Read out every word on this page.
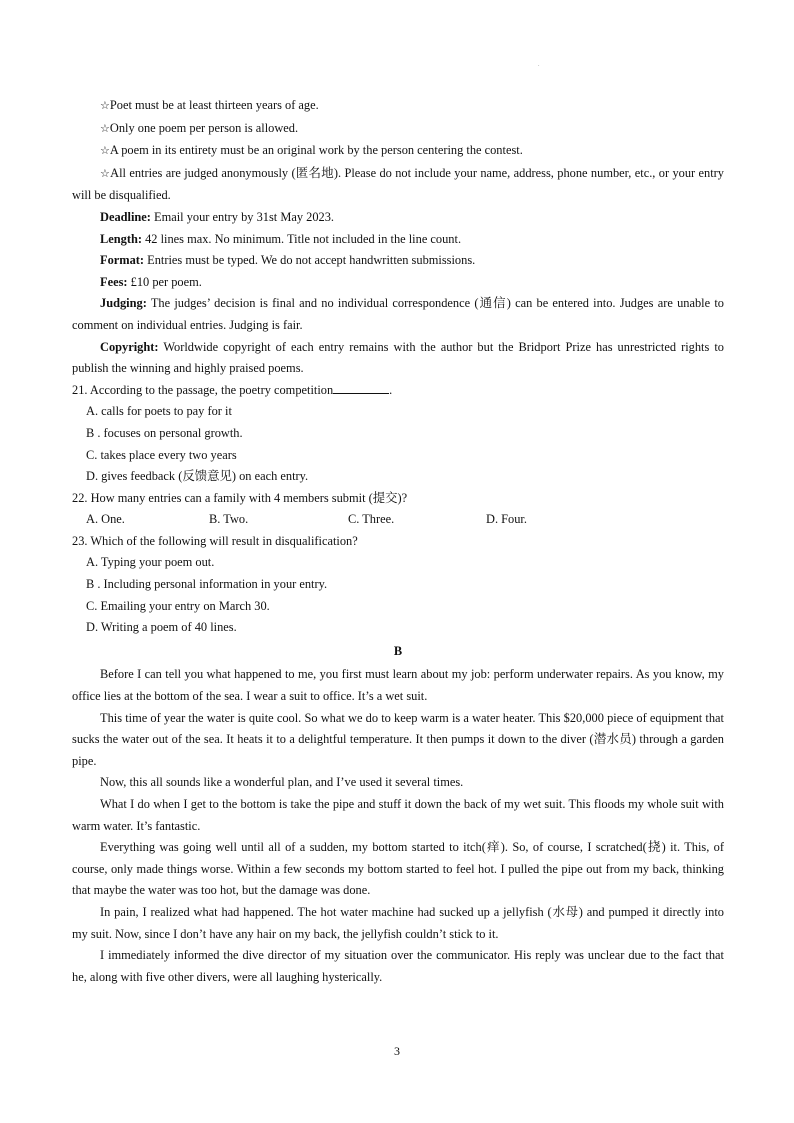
.

☆Poet must be at least thirteen years of age.

☆Only one poem per person is allowed.

☆A poem in its entirety must be an original work by the person centering the contest.

☆All entries are judged anonymously (匿名地). Please do not include your name, address, phone number, etc., or your entry will be disqualified.

Deadline: Email your entry by 31st May 2023.

Length: 42 lines max. No minimum. Title not included in the line count.

Format: Entries must be typed. We do not accept handwritten submissions.

Fees: £10 per poem.

Judging: The judges’ decision is final and no individual correspondence (通信) can be entered into. Judges are unable to comment on individual entries. Judging is fair.

Copyright: Worldwide copyright of each entry remains with the author but the Bridport Prize has unrestricted rights to publish the winning and highly praised poems.

21. According to the passage, the poetry competition	.

A. calls for poets to pay for it

B . focuses on personal growth.

C. takes place every two years

D. gives feedback (反馈意见) on each entry.

22. How many entries can a family with 4 members submit (提交)?

A. One.	B. Two.	C. Three.	D. Four.

23. Which of the following will result in disqualification?

A. Typing your poem out.

B . Including personal information in your entry.

C. Emailing your entry on March 30.

D. Writing a poem of 40 lines.

B

Before I can tell you what happened to me, you first must learn about my job: perform underwater repairs. As you know, my office lies at the bottom of the sea. I wear a suit to office. It’s a wet suit.

This time of year the water is quite cool. So what we do to keep warm is a water heater. This $20,000 piece of equipment that sucks the water out of the sea. It heats it to a delightful temperature. It then pumps it down to the diver (潜水员) through a garden pipe.

Now, this all sounds like a wonderful plan, and I’ve used it several times.

What I do when I get to the bottom is take the pipe and stuff it down the back of my wet suit. This floods my whole suit with warm water. It’s fantastic.

Everything was going well until all of a sudden, my bottom started to itch(痒). So, of course, I scratched(挠) it. This, of course, only made things worse. Within a few seconds my bottom started to feel hot. I pulled the pipe out from my back, thinking that maybe the water was too hot, but the damage was done.

In pain, I realized what had happened. The hot water machine had sucked up a jellyfish (水母) and pumped it directly into my suit. Now, since I don’t have any hair on my back, the jellyfish couldn’t stick to it.

I immediately informed the dive director of my situation over the communicator. His reply was unclear due to the fact that he, along with five other divers, were all laughing hysterically.

3
